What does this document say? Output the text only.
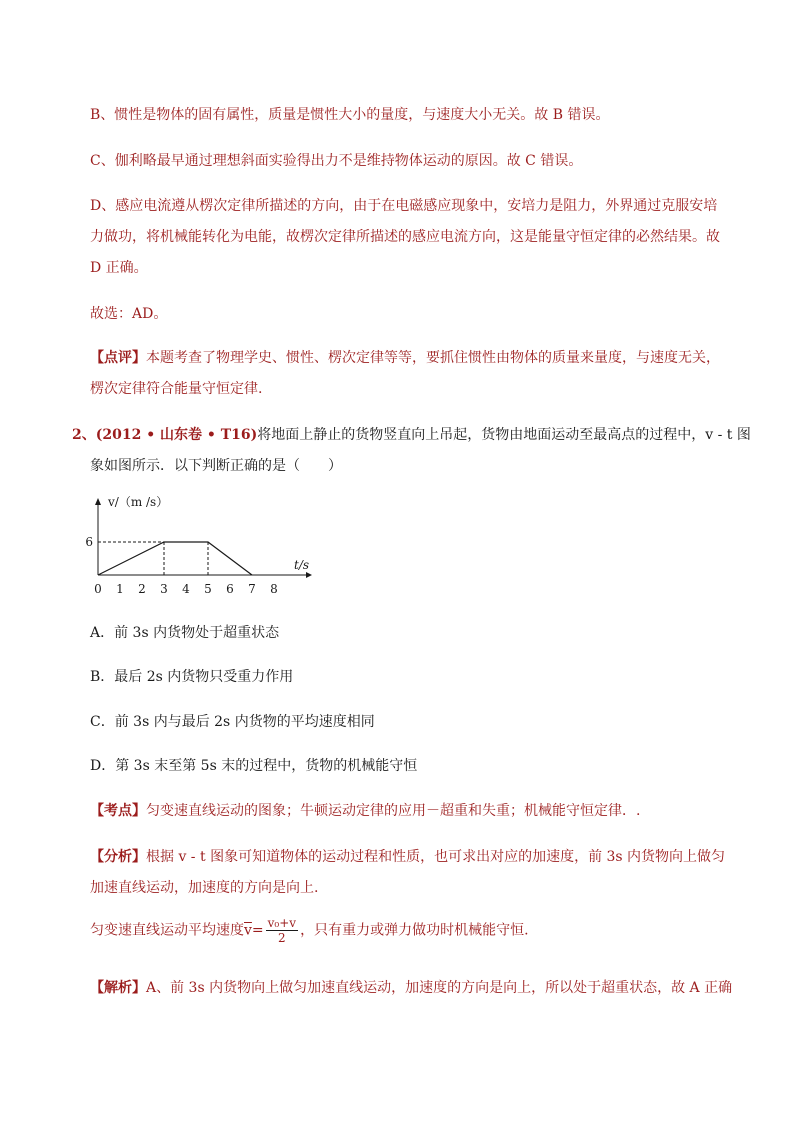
B、惯性是物体的固有属性，质量是惯性大小的量度，与速度大小无关。故 B 错误。
C、伽利略最早通过理想斜面实验得出力不是维持物体运动的原因。故 C 错误。
D、感应电流遵从楞次定律所描述的方向，由于在电磁感应现象中，安培力是阻力，外界通过克服安培
力做功，将机械能转化为电能，故楞次定律所描述的感应电流方向，这是能量守恒定律的必然结果。故
D 正确。
故选：AD。
【点评】本题考查了物理学史、惯性、楞次定律等等，要抓住惯性由物体的质量来量度，与速度无关，
楞次定律符合能量守恒定律.
2、(2012 • 山东卷 • T16)将地面上静止的货物竖直向上吊起，货物由地面运动至最高点的过程中，v - t 图
象如图所示．以下判断正确的是（　　）
0 1 2 3 4 5 6 7 8
6
v/（m /s）
t/s
A．前 3s 内货物处于超重状态
B．最后 2s 内货物只受重力作用
C．前 3s 内与最后 2s 内货物的平均速度相同
D．第 3s 末至第 5s 末的过程中，货物的机械能守恒
【考点】匀变速直线运动的图象；牛顿运动定律的应用－超重和失重；机械能守恒定律．.
【分析】根据 v - t 图象可知道物体的运动过程和性质，也可求出对应的加速度，前 3s 内货物向上做匀
加速直线运动，加速度的方向是向上.
匀变速直线运动平均速度$\overline{v}= \frac{\text{v₀+v}}{2}$ ，只有重力或弹力做功时机械能守恒.
【解析】A、前 3s 内货物向上做匀加速直线运动，加速度的方向是向上，所以处于超重状态，故 A 正确
